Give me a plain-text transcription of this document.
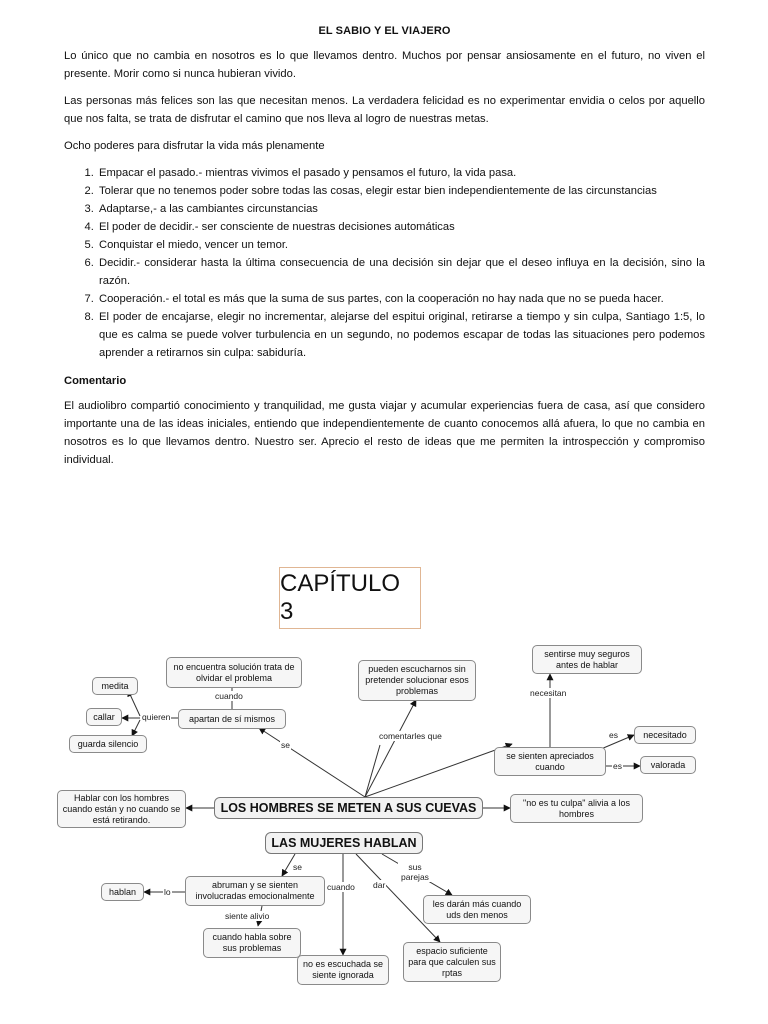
EL SABIO Y EL VIAJERO

Lo único que no cambia en nosotros es lo que llevamos dentro. Muchos por pensar ansiosamente en el futuro, no viven el presente. Morir como si nunca hubieran vivido.

Las personas más felices son las que necesitan menos. La verdadera felicidad es no experimentar envidia o celos por aquello que nos falta, se trata de disfrutar el camino que nos lleva al logro de nuestras metas.

Ocho poderes para disfrutar la vida más plenamente

1. Empacar el pasado.- mientras vivimos el pasado y pensamos el futuro, la vida pasa.
2. Tolerar que no tenemos poder sobre todas las cosas, elegir estar bien independientemente de las circunstancias
3. Adaptarse,- a las cambiantes circunstancias
4. El poder de decidir.- ser consciente de nuestras decisiones automáticas
5. Conquistar el miedo, vencer un temor.
6. Decidir.- considerar hasta la última consecuencia de una decisión sin dejar que el deseo influya en la decisión, sino la razón.
7. Cooperación.- el total es más que la suma de sus partes, con la cooperación no hay nada que no se pueda hacer.
8. El poder de encajarse, elegir no incrementar, alejarse del espitui original, retirarse a tiempo y sin culpa, Santiago 1:5, lo que es calma se puede volver turbulencia en un segundo, no podemos escapar de todas las situaciones pero podemos aprender a retirarnos sin culpa: sabiduría.
Comentario

El audiolibro compartió conocimiento y tranquilidad, me gusta viajar y acumular experiencias fuera de casa, así que considero importante una de las ideas iniciales, entiendo que independientemente de cuanto conocemos allá afuera, lo que no cambia en nosotros es lo que llevamos dentro. Nuestro ser. Aprecio el resto de ideas que me permiten la introspección y compromiso individual.

CAPÍTULO 3
no encuentra solución trata de olvidar el problema
medita
callar
guarda silencio
apartan de sí mismos
pueden escucharnos sin pretender solucionar esos problemas
sentirse muy seguros antes de hablar
se sienten apreciados cuando
necesitado
valorada
Hablar con los hombres cuando están y no cuando se está retirando.
LOS HOMBRES SE METEN A SUS CUEVAS	"no es tu culpa" alivia a los hombres
LAS MUJERES HABLAN
abruman y se sienten involucradas emocionalmente
hablan
cuando habla sobre sus problemas
no es escuchada se siente ignorada
espacio suficiente para que calculen sus rptas
les darán más cuando uds den menos
cuando
quieren
se
comentarles que
necesitan
es
es
se
lo
siente alivio
cuando dar
sus parejas
